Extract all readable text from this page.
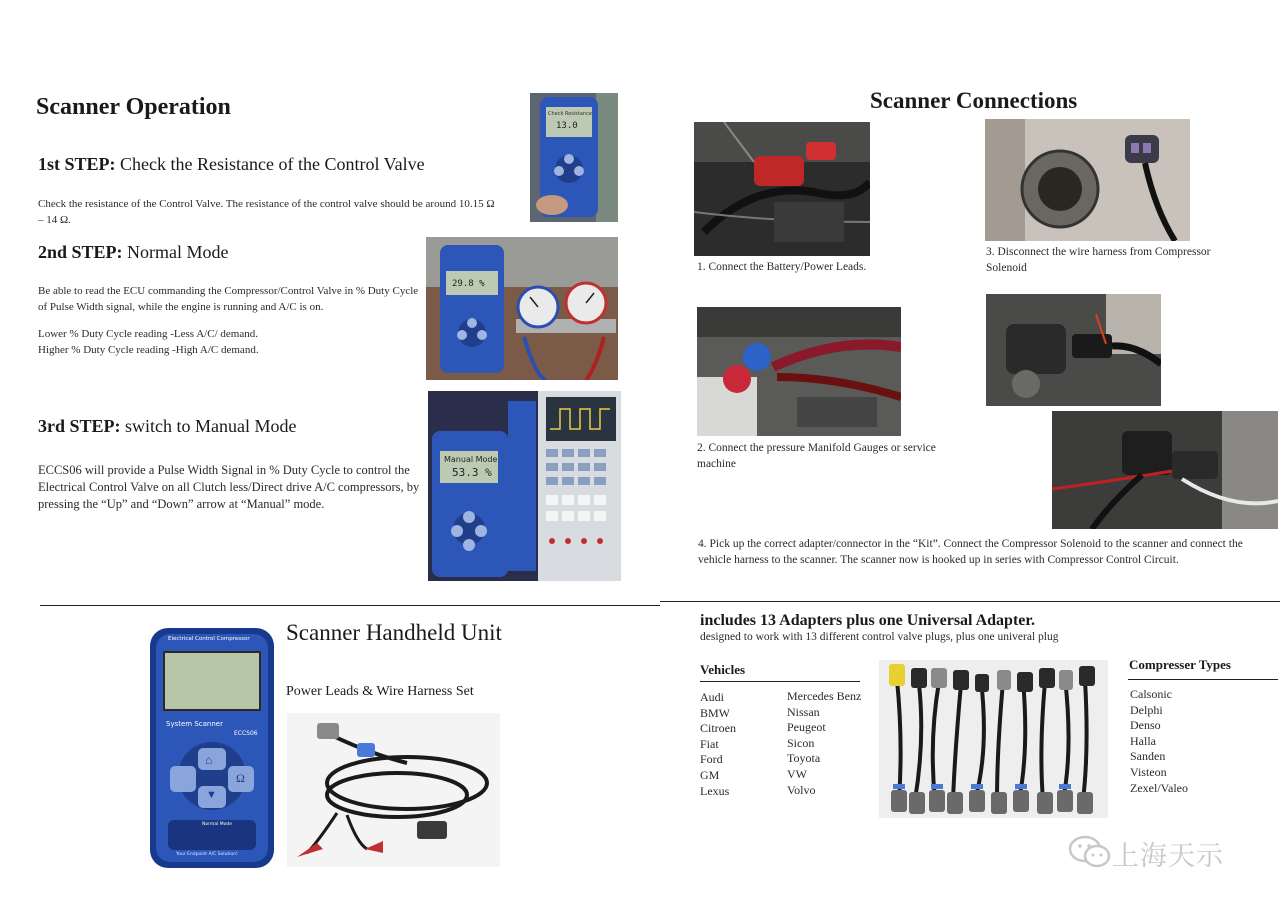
Scanner Operation
1st STEP: Check the Resistance of the Control Valve
Check the resistance of the Control Valve. The resistance of the control valve should be around 10.15 Ω – 14 Ω.
2nd STEP: Normal Mode
Be able to read the ECU commanding the Compressor/Control Valve in % Duty Cycle of Pulse Width signal, while the engine is running and A/C is on.
Lower % Duty Cycle reading -Less A/C/ demand.
Higher % Duty Cycle reading -High A/C demand.
3rd STEP: switch to Manual Mode
ECCS06 will provide a Pulse Width Signal in % Duty Cycle to control the Electrical Control Valve on all Clutch less/Direct drive A/C compressors, by pressing the “Up” and “Down” arrow at “Manual” mode.
Check Resistance
13.0
29.8 %
Manual Mode
53.3 %
Scanner Connections
1. Connect the Battery/Power Leads.
3. Disconnect the wire harness from Compressor Solenoid
2. Connect the pressure Manifold Gauges or service machine
4. Pick up the correct adapter/connector in the “Kit”. Connect the Compressor Solenoid to the scanner and connect the vehicle harness to the scanner. The scanner now is hooked up in series with Compressor Control Circuit.
Electrical Control Compressor
System Scanner
ECCS06
Normal Mode
Your Endpoint A/C Solution!
⌂
Ω
▼
Scanner Handheld Unit
Power Leads & Wire Harness Set
includes 13 Adapters plus one Universal Adapter.
designed to work with 13 different control valve plugs, plus one univeral plug
Vehicles
Audi
BMW
Citroen
Fiat
Ford
GM
Lexus
Mercedes Benz
Nissan
Peugeot
Sicon
Toyota
VW
Volvo
Compresser Types
Calsonic
Delphi
Denso
Halla
Sanden
Visteon
Zexel/Valeo
上海天示
